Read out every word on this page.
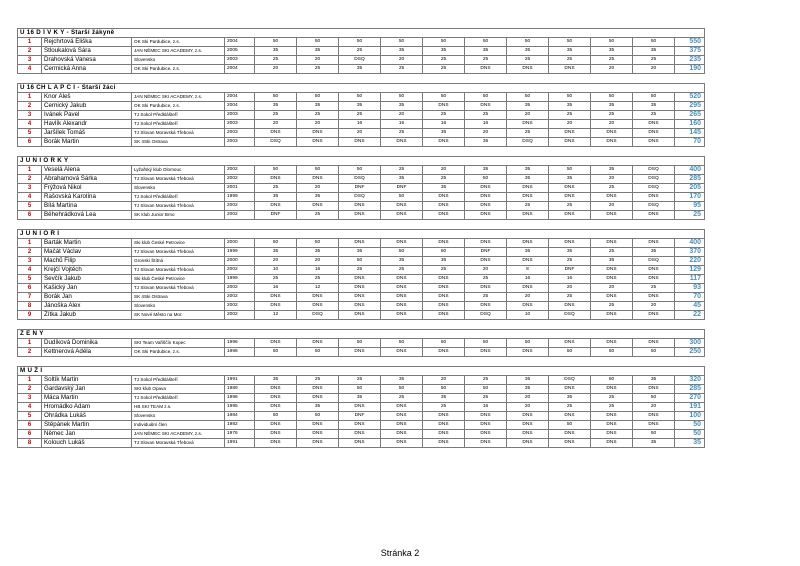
U 16 D Í V K Y - Starší žákyně														
1	Rejchrtová Eliška	OK Ski Pardubice, z.s.	2004	50	50	50	50	50	50	50	50	50	50	550
2	Stloukalová Sára	JAN NĚMEC SKI ACADEMY, z.s.	2005	35	35	25	35	35	35	35	35	35	35	375
3	Drahovská Vanesa	Slovensko	2003	25	20	DSQ	20	25	25	25	25	25	25	235
4	Čermická Anna	OK Ski Pardubice, z.s.	2004	20	25	35	25	25	DNS	DNS	DNS	20	20	190

U 16 CH L A P C I - Starší žáci														
1	Knor Aleš	JAN NĚMEC SKI ACADEMY, z.s.	2004	50	50	50	50	50	50	50	50	50	50	520
2	Černický Jakub	OK Ski Pardubice, z.s.	2004	35	35	35	35	DNS	DNS	35	35	35	35	295
3	Ivánek Pavel	TJ Sokol Předklášteří	2003	25	25	25	20	25	25	20	25	25	25	265
4	Havlík Alexandr	TJ Sokol Předklášteří	2003	20	20	16	16	16	16	DNS	20	20	DNS	160
5	Jaršílek Tomáš	TJ Slovan Moravská Třebová	2003	DNS	DNS	20	25	35	20	25	DNS	DNS	DNS	145
6	Borák Martin	SK 4Ski Ostrava	2003	DSQ	DNS	DNS	DNS	DNS	35	DSQ	DNS	DNS	DNS	70

J U N I O R K Y														
1	Veselá Alena	Lyžařský klub Olomouc	2002	50	50	50	25	20	35	35	50	35	DSQ	400
2	Abrahamová Šárka	TJ Slovan Moravská Třebová	2002	DNS	DNS	DSQ	35	25	50	35	35	20	DSQ	285
3	Frýžová Nikol	Slovensko	2001	25	20	DNF	DNF	35	DNS	DNS	DNS	25	DSQ	205
4	Rašovská Karolína	TJ Sokol Předklášteří	1999	35	35	DSQ	50	DNS	DNS	DNS	DNS	DNS	DNS	170
5	Bílá Martina	TJ Slovan Moravská Třebová	2002	DNS	DNS	DNS	DNS	DNS	DNS	25	25	20	DSQ	95
6	Běhehrádková Lea	SK klub Junior Brno	2002	DNF	25	DNS	DNS	DNS	DNS	DNS	DNS	DNS	DNS	25

J U N I O Ř I														
1	Barták Martin	Ski klub České Petrovice	2000	50	50	DNS	DNS	DNS	DNS	DNS	DNS	DNS	DNS	400
2	Mačát Václav	TJ Slovan Moravská Třebová	1999	35	35	35	50	50	DNF	35	35	25	35	370
3	Machů Filip	Gronski Štítná	2000	20	20	50	35	35	DNS	DNS	25	35	DSQ	220
4	Krejčí Vojtěch	TJ Slovan Moravská Třebová	2002	10	16	25	25	25	20	8	DNF	DNS	DNS	129
5	Ševčík Jakub	Ski klub České Petrovice	1999	25	25	DNS	DNS	DNS	25	16	16	DNS	DNS	117
6	Kašický Jan	TJ Slovan Moravská Třebová	2002	16	12	DNS	DNS	DNS	DNS	DNS	20	20	25	93
7	Borák Jan	SK 4Ski Ostrava	2002	DNS	DNS	DNS	DNS	DNS	25	20	25	DNS	DNS	70
8	Jánoška Alex	Slovensko	2002	DNS	DNS	DNS	DNS	DNS	DNS	DNS	DNS	25	20	45
9	Zítka Jakub	SK Nové Město na Mor.	2002	12	DSQ	DNS	DNS	DNS	DSQ	10	DSQ	DNS	DNS	22

Ž E N Y														
1	Dudíková Dominika	SKI Team Vařiščín Kopec	1996	DNS	DNS	50	50	50	50	50	DNS	DNS	DNS	300
2	Kettnerová Adéla	OK Ski Pardubice, z.s.	1996	50	50	DNS	DNS	DNS	DNS	DNS	50	50	50	250

M U Ž I														
1	Soltík Martin	TJ Sokol Předklášteří	1991	35	25	25	35	20	25	35	DSQ	50	35	320
2	Gardavský Jan	SKI klub Opava	1989	DNS	DNS	50	50	50	50	35	DNS	DNS	DNS	285
3	Máca Martin	TJ Sokol Předklášteří	1996	DNS	DNS	35	25	35	25	20	35	25	50	270
4	Hromádko Adam	HB SKI TEAM z.s.	1995	DNS	35	DNS	DNS	25	16	20	25	25	20	191
5	Ohrádka Lukáš	Slovensko	1984	50	50	DNF	DNS	DNS	DNS	DNS	DNS	DNS	DNS	100
6	Štěpánek Martin	Individuální člen	1982	DNS	DNS	DNS	DNS	DNS	DNS	DNS	50	DNS	DNS	50
6	Němec Jan	JAN NĚMEC SKI ACADEMY, z.s.	1976	DNS	DNS	DNS	DNS	DNS	DNS	DNS	DNS	DNS	50	50
8	Kolouch Lukáš	TJ Slovan Moravská Třebová	1991	DNS	DNS	DNS	DNS	DNS	DNS	DNS	DNS	DNS	35	35
Stránka 2
